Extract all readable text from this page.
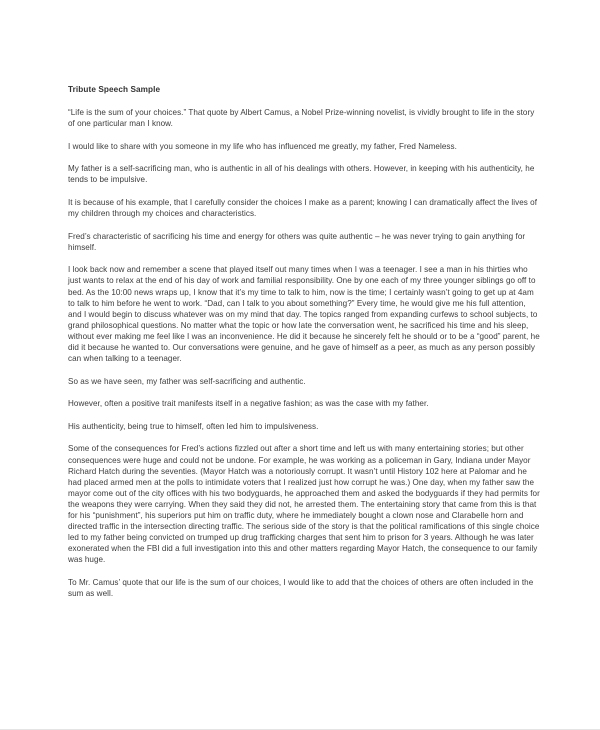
Tribute Speech Sample

“Life is the sum of your choices.” That quote by Albert Camus, a Nobel Prize-winning novelist, is vividly brought to life in the story of one particular man I know.

I would like to share with you someone in my life who has influenced me greatly, my father, Fred Nameless.

My father is a self-sacrificing man, who is authentic in all of his dealings with others. However, in keeping with his authenticity, he tends to be impulsive.

It is because of his example, that I carefully consider the choices I make as a parent; knowing I can dramatically affect the lives of my children through my choices and characteristics.

Fred’s characteristic of sacrificing his time and energy for others was quite authentic – he was never trying to gain anything for himself.

I look back now and remember a scene that played itself out many times when I was a teenager. I see a man in his thirties who just wants to relax at the end of his day of work and familial responsibility. One by one each of my three younger siblings go off to bed. As the 10:00 news wraps up, I know that it’s my time to talk to him, now is the time; I certainly wasn’t going to get up at 4am to talk to him before he went to work. “Dad, can I talk to you about something?” Every time, he would give me his full attention, and I would begin to discuss whatever was on my mind that day. The topics ranged from expanding curfews to school subjects, to grand philosophical questions. No matter what the topic or how late the conversation went, he sacrificed his time and his sleep, without ever making me feel like I was an inconvenience. He did it because he sincerely felt he should or to be a “good” parent, he did it because he wanted to. Our conversations were genuine, and he gave of himself as a peer, as much as any person possibly can when talking to a teenager.

So as we have seen, my father was self-sacrificing and authentic.

However, often a positive trait manifests itself in a negative fashion; as was the case with my father.

His authenticity, being true to himself, often led him to impulsiveness.

Some of the consequences for Fred’s actions fizzled out after a short time and left us with many entertaining stories; but other consequences were huge and could not be undone. For example, he was working as a policeman in Gary, Indiana under Mayor Richard Hatch during the seventies. (Mayor Hatch was a notoriously corrupt. It wasn’t until History 102 here at Palomar and he had placed armed men at the polls to intimidate voters that I realized just how corrupt he was.) One day, when my father saw the mayor come out of the city offices with his two bodyguards, he approached them and asked the bodyguards if they had permits for the weapons they were carrying. When they said they did not, he arrested them. The entertaining story that came from this is that for his “punishment”, his superiors put him on traffic duty, where he immediately bought a clown nose and Clarabelle horn and directed traffic in the intersection directing traffic. The serious side of the story is that the political ramifications of this single choice led to my father being convicted on trumped up drug trafficking charges that sent him to prison for 3 years. Although he was later exonerated when the FBI did a full investigation into this and other matters regarding Mayor Hatch, the consequence to our family was huge.

To Mr. Camus’ quote that our life is the sum of our choices, I would like to add that the choices of others are often included in the sum as well.
